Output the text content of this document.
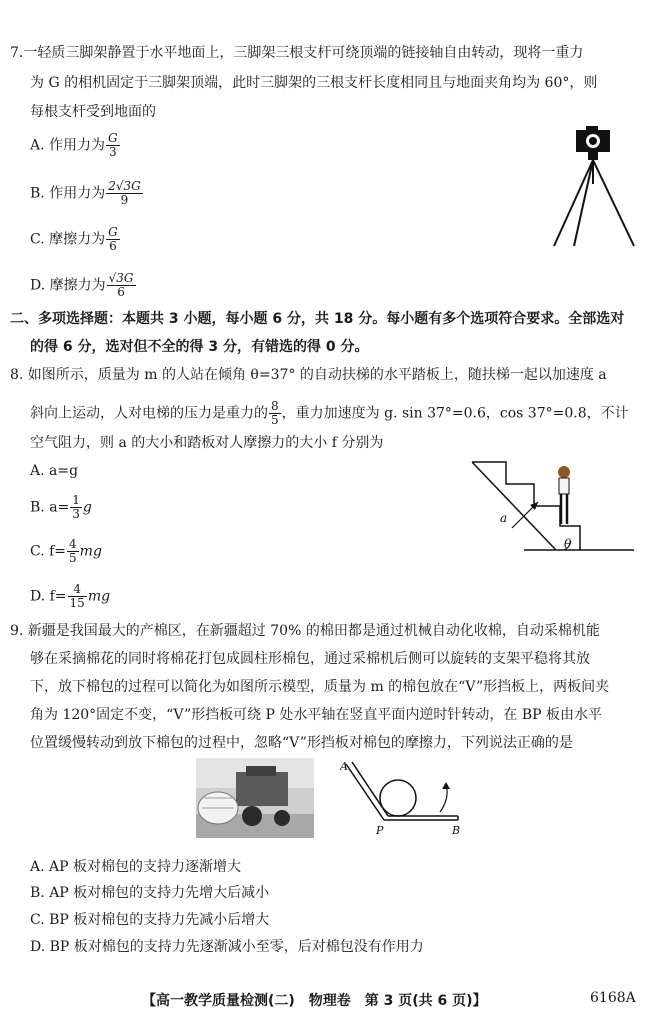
7.一轻质三脚架静置于水平地面上，三脚架三根支杆可绕顶端的链接轴自由转动，现将一重力
为 G 的相机固定于三脚架顶端，此时三脚架的三根支杆长度相同且与地面夹角均为 60°，则
每根支杆受到地面的
A. 作用力为 $\frac{G}{3}$
B. 作用力为 $\frac{2√3G}{9}$
C. 摩擦力为 $\frac{G}{6}$
D. 摩擦力为 $\frac{√3G}{6}$
二、多项选择题：本题共 3 小题，每小题 6 分，共 18 分。每小题有多个选项符合要求。全部选对
的得 6 分，选对但不全的得 3 分，有错选的得 0 分。
8. 如图所示，质量为 m 的人站在倾角 θ=37° 的自动扶梯的水平踏板上，随扶梯一起以加速度 a
斜向上运动，人对电梯的压力是重力的 $\frac{8}{5}$ ，重力加速度为 g. sin 37°=0.6，cos 37°=0.8，不计
空气阻力，则 a 的大小和踏板对人摩擦力的大小 f 分别为
A. a=g
B. $a= \frac{1}{3}$ g
C. $f= \frac{4}{5}$ mg
D. $f= \frac{4}{15}$ mg
a
θ
9. 新疆是我国最大的产棉区，在新疆超过 70% 的棉田都是通过机械自动化收棉，自动采棉机能
够在采摘棉花的同时将棉花打包成圆柱形棉包，通过采棉机后侧可以旋转的支架平稳将其放
下，放下棉包的过程可以简化为如图所示模型，质量为 m 的棉包放在“V”形挡板上，两板间夹
角为 120°固定不变，“V”形挡板可绕 P 处水平轴在竖直平面内逆时针转动，在 BP 板由水平
位置缓慢转动到放下棉包的过程中，忽略“V”形挡板对棉包的摩擦力，下列说法正确的是
A
P	B
A. AP 板对棉包的支持力逐渐增大
B. AP 板对棉包的支持力先增大后减小
C. BP 板对棉包的支持力先减小后增大
D. BP 板对棉包的支持力先逐渐减小至零，后对棉包没有作用力
【高一教学质量检测(二)　物理卷　第 3 页(共 6 页)】	6168A
